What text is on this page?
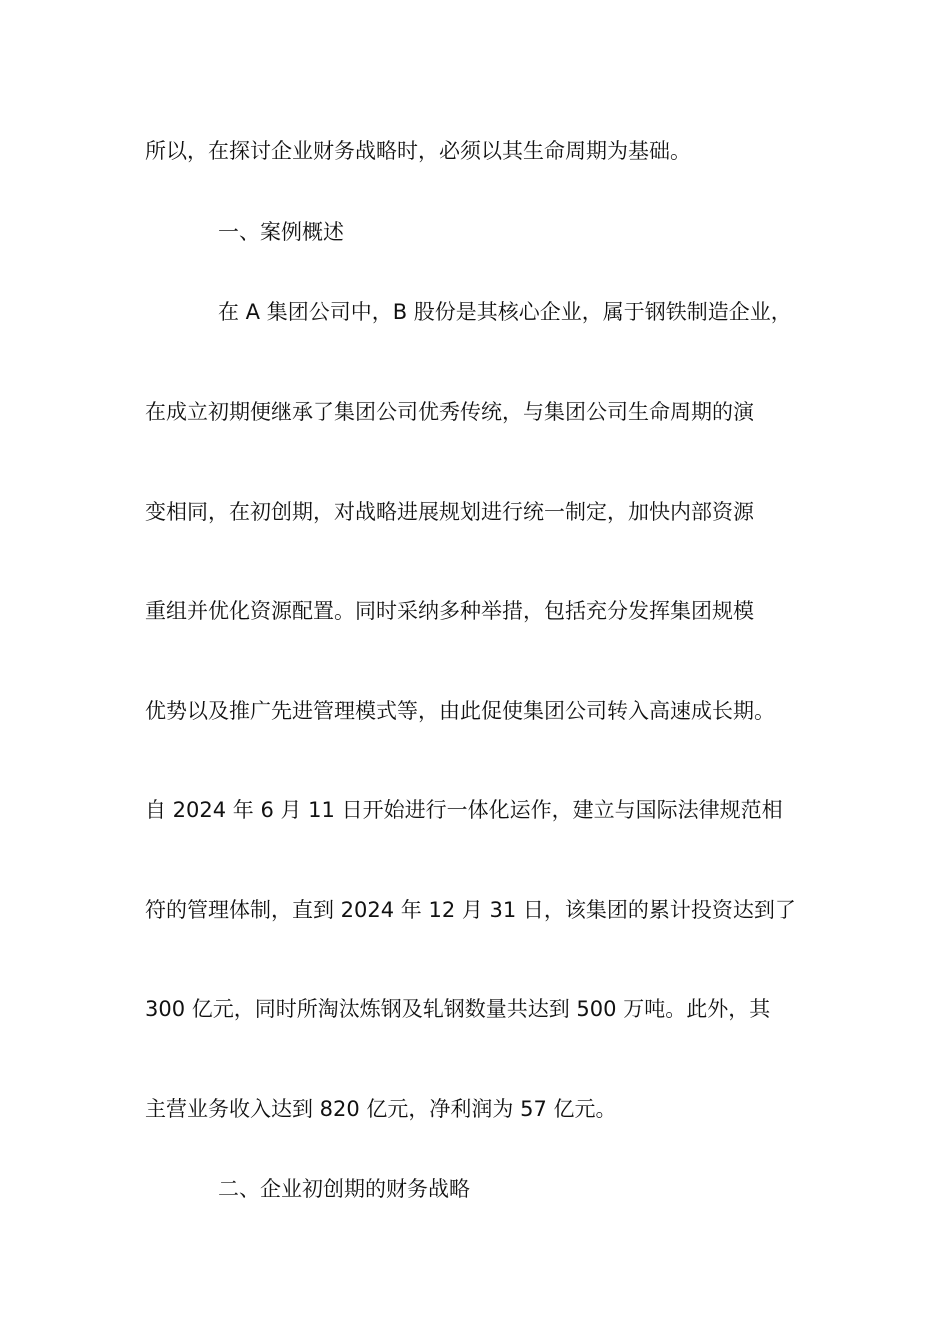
所以，在探讨企业财务战略时，必须以其生命周期为基础。
一、案例概述
在 A 集团公司中，B 股份是其核心企业，属于钢铁制造企业，
在成立初期便继承了集团公司优秀传统，与集团公司生命周期的演
变相同，在初创期，对战略进展规划进行统一制定，加快内部资源
重组并优化资源配置。同时采纳多种举措，包括充分发挥集团规模
优势以及推广先进管理模式等，由此促使集团公司转入高速成长期。
自 2024 年 6 月 11 日开始进行一体化运作，建立与国际法律规范相
符的管理体制，直到 2024 年 12 月 31 日，该集团的累计投资达到了
300 亿元，同时所淘汰炼钢及轧钢数量共达到 500 万吨。此外，其
主营业务收入达到 820 亿元，净利润为 57 亿元。
二、企业初创期的财务战略
